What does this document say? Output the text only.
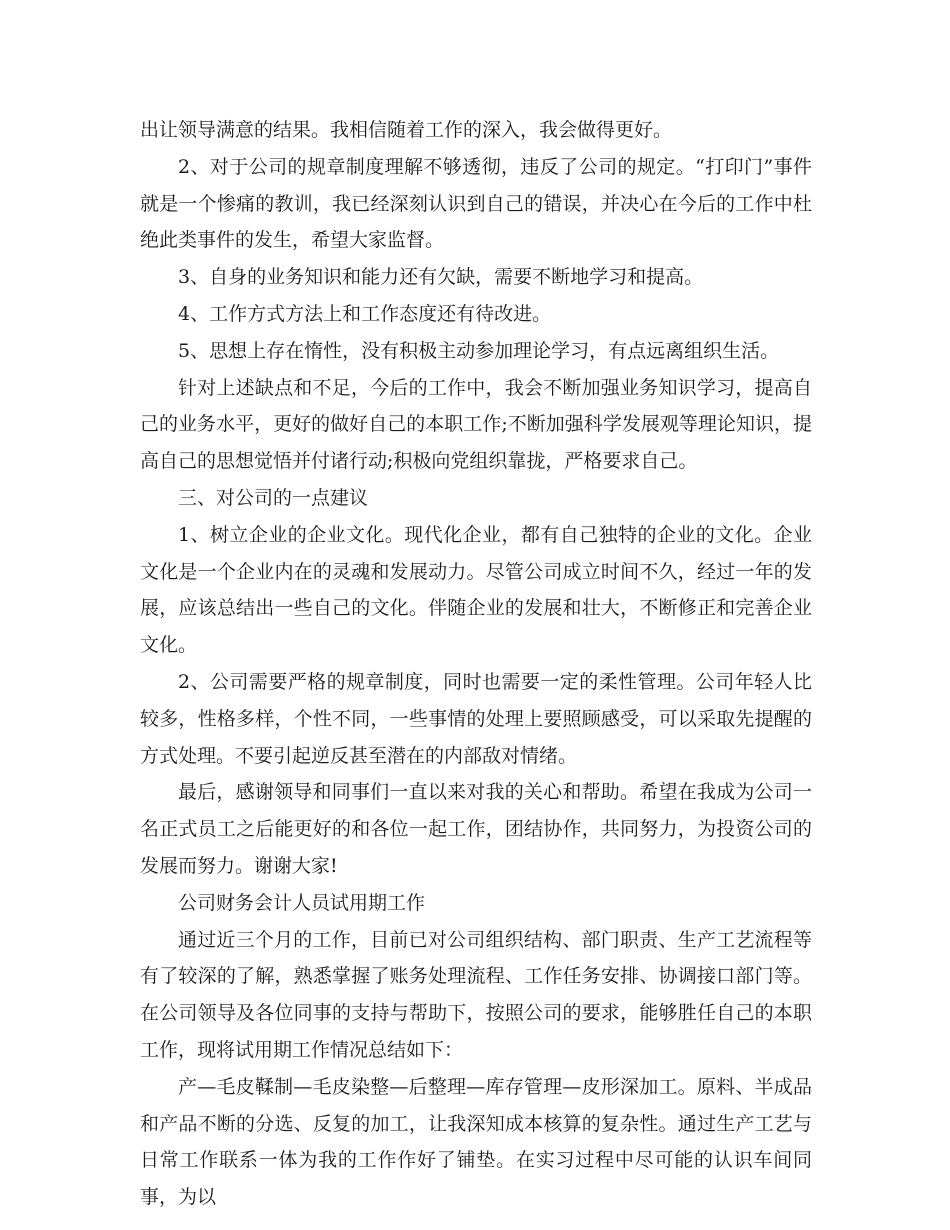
出让领导满意的结果。我相信随着工作的深入，我会做得更好。

2、对于公司的规章制度理解不够透彻，违反了公司的规定。“打印门”事件就是一个惨痛的教训，我已经深刻认识到自己的错误，并决心在今后的工作中杜绝此类事件的发生，希望大家监督。

3、自身的业务知识和能力还有欠缺，需要不断地学习和提高。

4、工作方式方法上和工作态度还有待改进。

5、思想上存在惰性，没有积极主动参加理论学习，有点远离组织生活。

针对上述缺点和不足，今后的工作中，我会不断加强业务知识学习，提高自己的业务水平，更好的做好自己的本职工作;不断加强科学发展观等理论知识，提高自己的思想觉悟并付诸行动;积极向党组织靠拢，严格要求自己。

三、对公司的一点建议

1、树立企业的企业文化。现代化企业，都有自己独特的企业的文化。企业文化是一个企业内在的灵魂和发展动力。尽管公司成立时间不久，经过一年的发展，应该总结出一些自己的文化。伴随企业的发展和壮大，不断修正和完善企业文化。

2、公司需要严格的规章制度，同时也需要一定的柔性管理。公司年轻人比较多，性格多样，个性不同，一些事情的处理上要照顾感受，可以采取先提醒的方式处理。不要引起逆反甚至潜在的内部敌对情绪。

最后，感谢领导和同事们一直以来对我的关心和帮助。希望在我成为公司一名正式员工之后能更好的和各位一起工作，团结协作，共同努力，为投资公司的发展而努力。谢谢大家!

公司财务会计人员试用期工作

通过近三个月的工作，目前已对公司组织结构、部门职责、生产工艺流程等有了较深的了解，熟悉掌握了账务处理流程、工作任务安排、协调接口部门等。在公司领导及各位同事的支持与帮助下，按照公司的要求，能够胜任自己的本职工作，现将试用期工作情况总结如下：

产—毛皮鞣制—毛皮染整—后整理—库存管理—皮形深加工。原料、半成品和产品不断的分选、反复的加工，让我深知成本核算的复杂性。通过生产工艺与日常工作联系一体为我的工作作好了铺垫。在实习过程中尽可能的认识车间同事，为以
